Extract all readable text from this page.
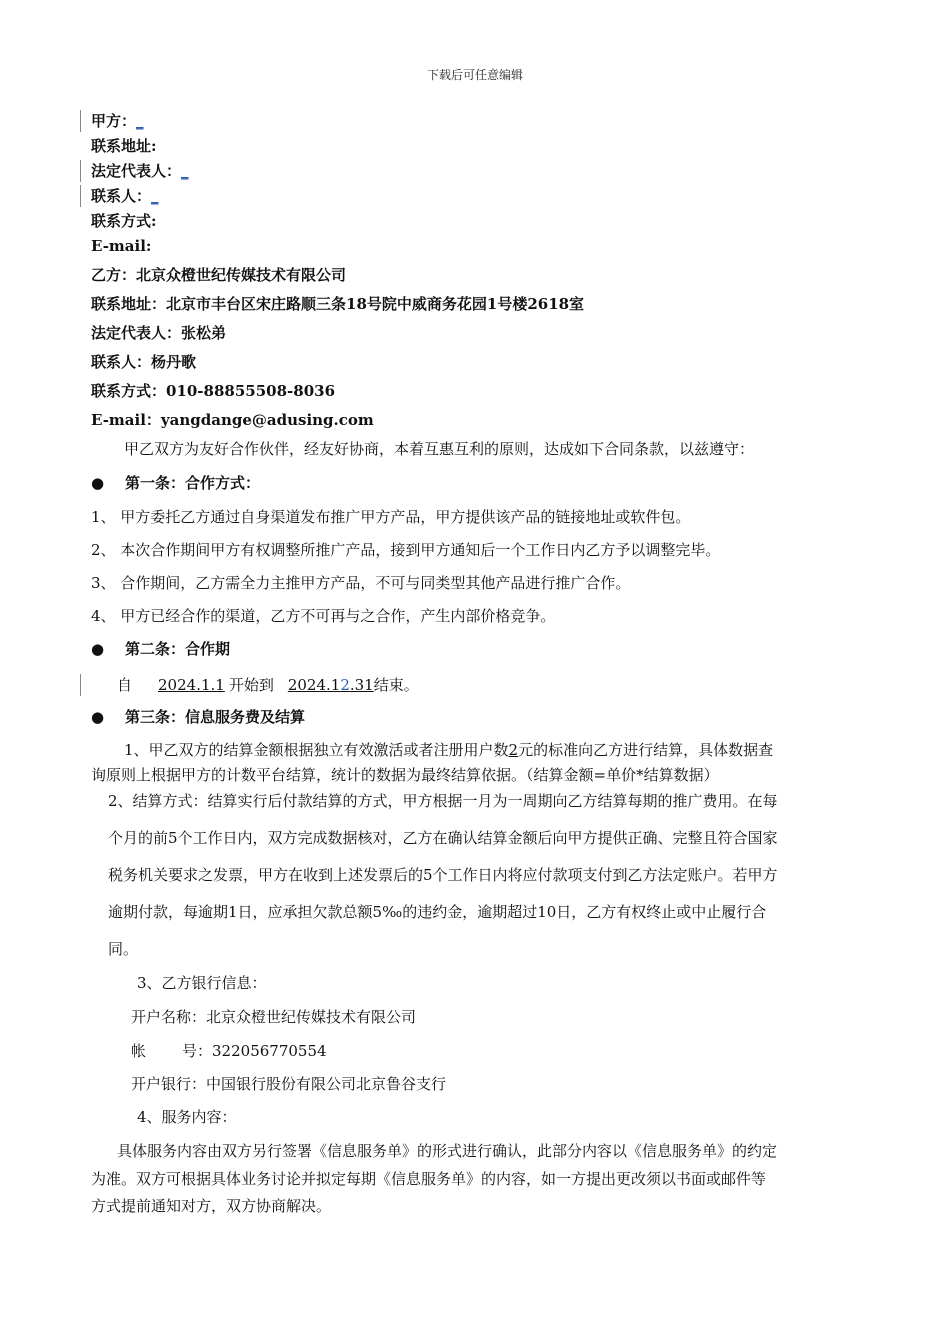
下载后可任意编辑
甲方：_
联系地址:
法定代表人：_
联系人：_
联系方式:
E-mail:
乙方：北京众橙世纪传媒技术有限公司
联系地址：北京市丰台区宋庄路顺三条18号院中威商务花园1号楼2618室
法定代表人：张松弟
联系人：杨丹歌
联系方式：010-88855508-8036
E-mail：yangdange@adusing.com
甲乙双方为友好合作伙伴，经友好协商，本着互惠互利的原则，达成如下合同条款，以兹遵守：
● 第一条：合作方式：
1、 甲方委托乙方通过自身渠道发布推广甲方产品，甲方提供该产品的链接地址或软件包。
2、 本次合作期间甲方有权调整所推广产品，接到甲方通知后一个工作日内乙方予以调整完毕。
3、 合作期间，乙方需全力主推甲方产品，不可与同类型其他产品进行推广合作。
4、 甲方已经合作的渠道，乙方不可再与之合作，产生内部价格竞争。
● 第二条：合作期
自 2024.1.1 开始到 2024.12.31结束。
● 第三条：信息服务费及结算
1、甲乙双方的结算金额根据独立有效激活或者注册用户数2元的标准向乙方进行结算，具体数据查
询原则上根据甲方的计数平台结算，统计的数据为最终结算依据。（结算金额=单价*结算数据）
2、结算方式：结算实行后付款结算的方式，甲方根据一月为一周期向乙方结算每期的推广费用。在每
个月的前5个工作日内，双方完成数据核对，乙方在确认结算金额后向甲方提供正确、完整且符合国家
税务机关要求之发票，甲方在收到上述发票后的5个工作日内将应付款项支付到乙方法定账户。若甲方
逾期付款，每逾期1日，应承担欠款总额5‰的违约金，逾期超过10日，乙方有权终止或中止履行合
同。
3、乙方银行信息：
开户名称：北京众橙世纪传媒技术有限公司
帐 号：322056770554
开户银行：中国银行股份有限公司北京鲁谷支行
4、服务内容：
具体服务内容由双方另行签署《信息服务单》的形式进行确认，此部分内容以《信息服务单》的约定
为准。双方可根据具体业务讨论并拟定每期《信息服务单》的内容，如一方提出更改须以书面或邮件等
方式提前通知对方，双方协商解决。
